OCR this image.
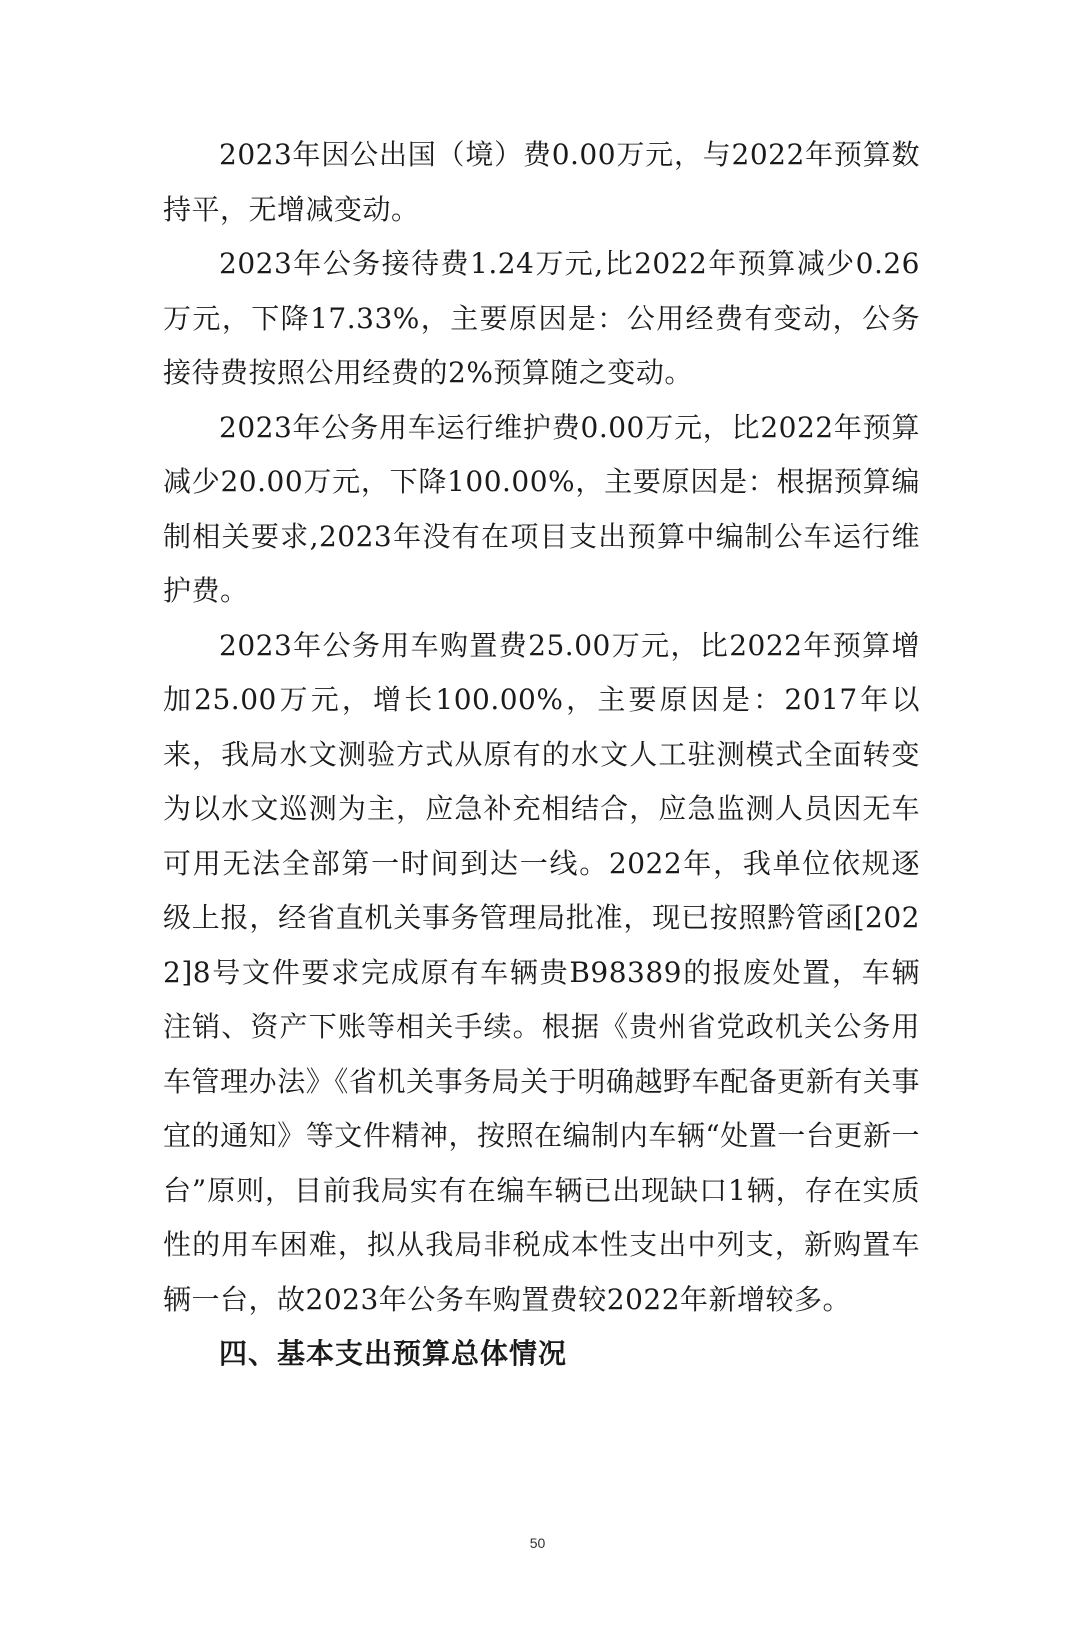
2023年因公出国（境）费0.00万元，与2022年预算数持平，无增减变动。

2023年公务接待费1.24万元,比2022年预算减少0.26万元，下降17.33%，主要原因是：公用经费有变动，公务接待费按照公用经费的2%预算随之变动。

2023年公务用车运行维护费0.00万元，比2022年预算减少20.00万元，下降100.00%，主要原因是：根据预算编制相关要求,2023年没有在项目支出预算中编制公车运行维护费。

2023年公务用车购置费25.00万元，比2022年预算增加25.00万元，增长100.00%，主要原因是：2017年以来，我局水文测验方式从原有的水文人工驻测模式全面转变为以水文巡测为主，应急补充相结合，应急监测人员因无车可用无法全部第一时间到达一线。2022年，我单位依规逐级上报，经省直机关事务管理局批准，现已按照黔管函[2022]8号文件要求完成原有车辆贵B98389的报废处置，车辆注销、资产下账等相关手续。根据《贵州省党政机关公务用车管理办法》《省机关事务局关于明确越野车配备更新有关事宜的通知》等文件精神，按照在编制内车辆“处置一台更新一台”原则，目前我局实有在编车辆已出现缺口1辆，存在实质性的用车困难，拟从我局非税成本性支出中列支，新购置车辆一台，故2023年公务车购置费较2022年新增较多。

四、基本支出预算总体情况

50
